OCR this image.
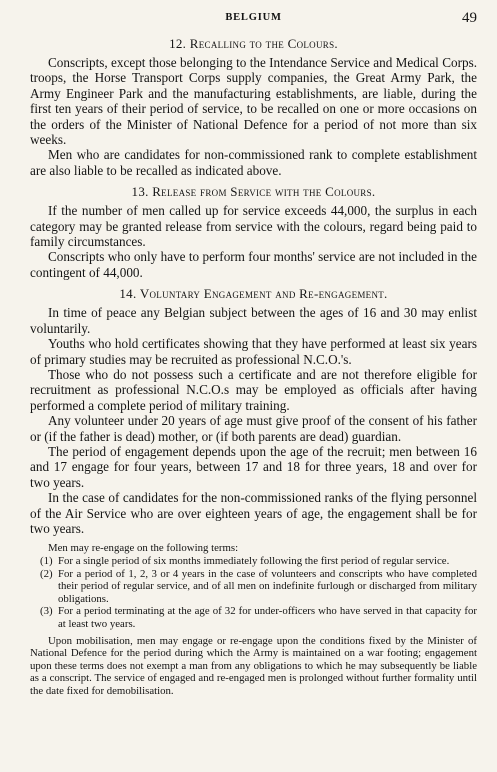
BELGIUM	49
12. Recalling to the Colours.

Conscripts, except those belonging to the Intendance Service and Medical Corps. troops, the Horse Transport Corps supply companies, the Great Army Park, the Army Engineer Park and the manufacturing establishments, are liable, during the first ten years of their period of service, to be recalled on one or more occasions on the orders of the Minister of National Defence for a period of not more than six weeks.

Men who are candidates for non-commissioned rank to complete establishment are also liable to be recalled as indicated above.

13. Release from Service with the Colours.

If the number of men called up for service exceeds 44,000, the surplus in each category may be granted release from service with the colours, regard being paid to family circumstances.

Conscripts who only have to perform four months' service are not included in the contingent of 44,000.

14. Voluntary Engagement and Re-engagement.

In time of peace any Belgian subject between the ages of 16 and 30 may enlist voluntarily.

Youths who hold certificates showing that they have performed at least six years of primary studies may be recruited as professional N.C.O.'s.

Those who do not possess such a certificate and are not therefore eligible for recruitment as professional N.C.O.s may be employed as officials after having performed a complete period of military training.

Any volunteer under 20 years of age must give proof of the consent of his father or (if the father is dead) mother, or (if both parents are dead) guardian.

The period of engagement depends upon the age of the recruit; men between 16 and 17 engage for four years, between 17 and 18 for three years, 18 and over for two years.

In the case of candidates for the non-commissioned ranks of the flying personnel of the Air Service who are over eighteen years of age, the engagement shall be for two years.

Men may re-engage on the following terms:

(1) For a single period of six months immediately following the first period of regular service.
(2) For a period of 1, 2, 3 or 4 years in the case of volunteers and conscripts who have completed their period of regular service, and of all men on indefinite furlough or discharged from military obligations.
(3) For a period terminating at the age of 32 for under-officers who have served in that capacity for at least two years.

Upon mobilisation, men may engage or re-engage upon the conditions fixed by the Minister of National Defence for the period during which the Army is maintained on a war footing; engagement upon these terms does not exempt a man from any obligations to which he may subsequently be liable as a conscript. The service of engaged and re-engaged men is prolonged without further formality until the date fixed for demobilisation.
